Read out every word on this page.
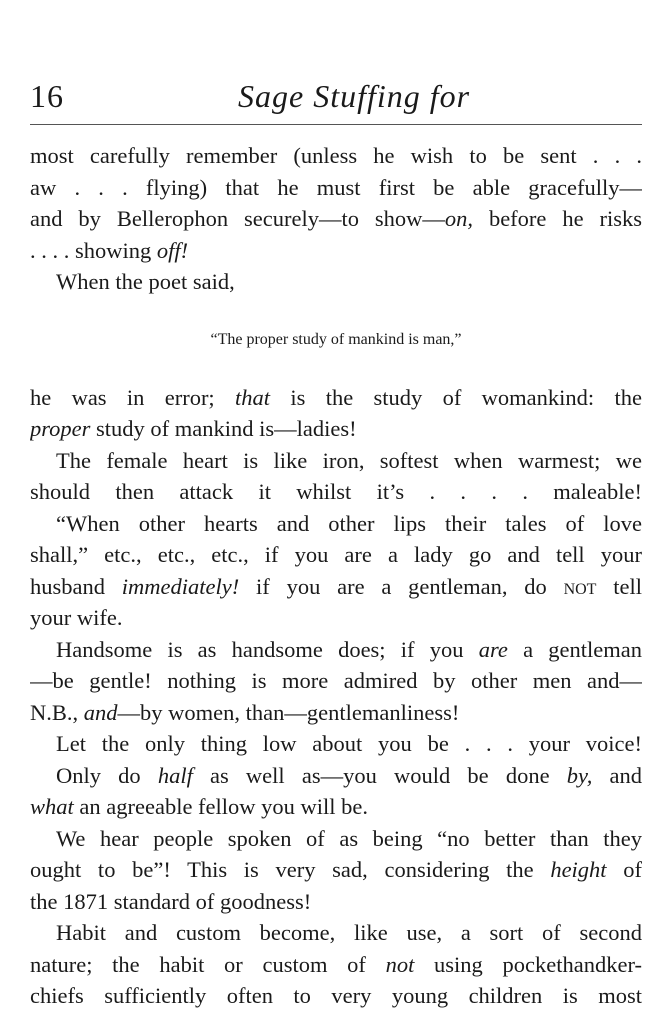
16	Sage Stuffing for
most carefully remember (unless he wish to be sent . . .
aw . . . flying) that he must first be able gracefully—
and by Bellerophon securely—to show—on, before he risks
. . . . showing off!
When the poet said,
“The proper study of mankind is man,”
he was in error; that is the study of womankind: the
proper study of mankind is—ladies!
The female heart is like iron, softest when warmest; we
should then attack it whilst it’s . . . . maleable!
“When other hearts and other lips their tales of love
shall,” etc., etc., etc., if you are a lady go and tell your
husband immediately! if you are a gentleman, do not tell
your wife.
Handsome is as handsome does; if you are a gentleman
—be gentle! nothing is more admired by other men and—
N.B., and—by women, than—gentlemanliness!
Let the only thing low about you be . . . your voice!
Only do half as well as—you would be done by, and
what an agreeable fellow you will be.
We hear people spoken of as being “no better than they
ought to be”! This is very sad, considering the height of
the 1871 standard of goodness!
Habit and custom become, like use, a sort of second
nature; the habit or custom of not using pockethandker-
chiefs sufficiently often to very young children is most
